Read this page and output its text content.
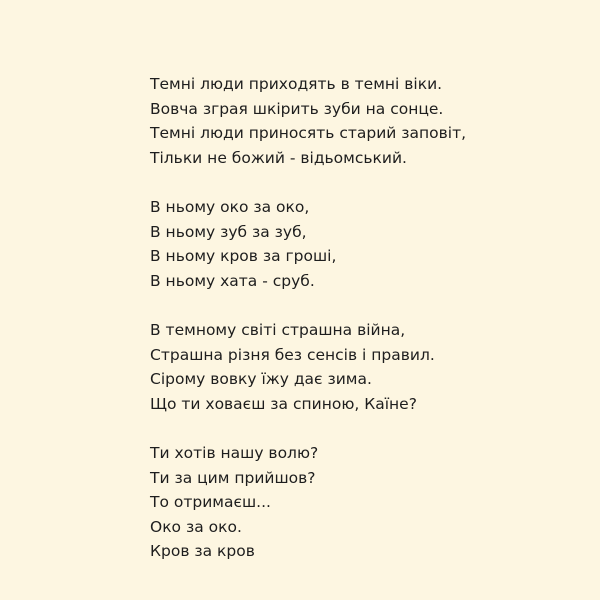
Темні люди приходять в темні віки.
Вовча зграя шкірить зуби на сонце.
Темні люди приносять старий заповіт,
Тільки не божий - відьомський.
В ньому око за око,
В ньому зуб за зуб,
В ньому кров за гроші,
В ньому хата - сруб.
В темному світі страшна війна,
Страшна різня без сенсів і правил.
Сірому вовку їжу дає зима.
Що ти ховаєш за спиною, Каїне?
Ти хотів нашу волю?
Ти за цим прийшов?
То отримаєш...
Око за око.
Кров за кров
